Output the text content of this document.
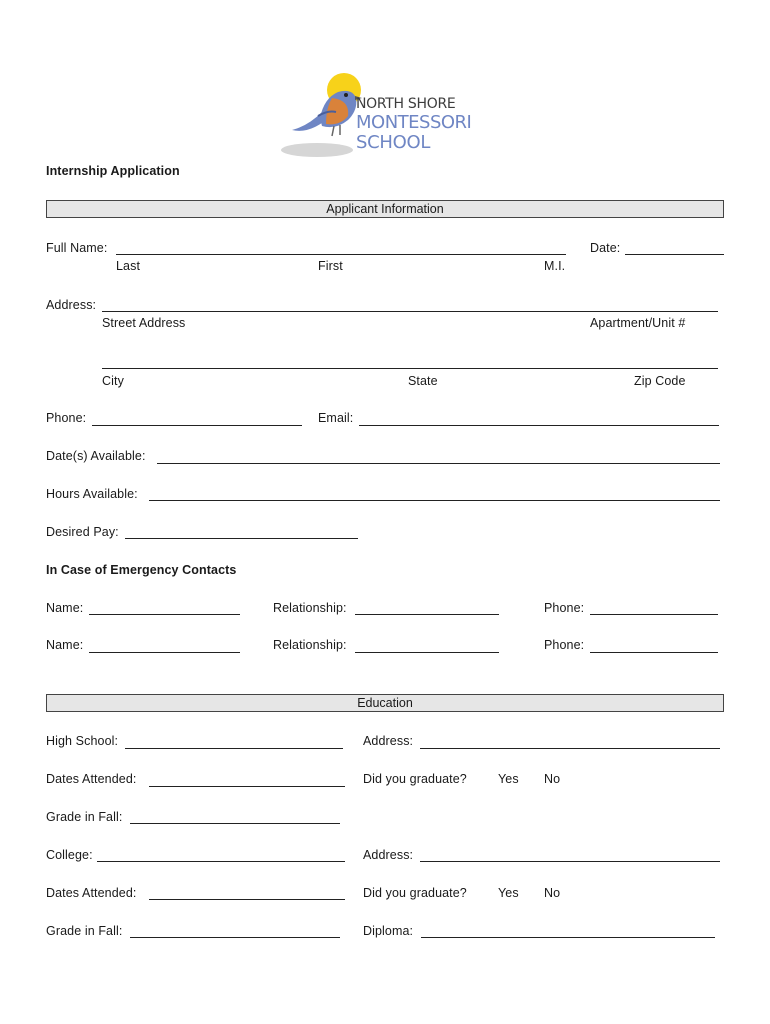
NORTH SHORE
MONTESSORI
SCHOOL
Internship Application
Applicant Information
Full Name:
Last	First	M.I.
Date:
Address:
Street Address	Apartment/Unit #
City	State	Zip Code
Phone:	Email:
Date(s) Available:
Hours Available:
Desired Pay:
In Case of Emergency Contacts
Name:	Relationship:	Phone:
Name:	Relationship:	Phone:
Education
High School:	Address:
Dates Attended:	Did you graduate? Yes No
Grade in Fall:
College:	Address:
Dates Attended:	Did you graduate? Yes No
Grade in Fall:	Diploma:
